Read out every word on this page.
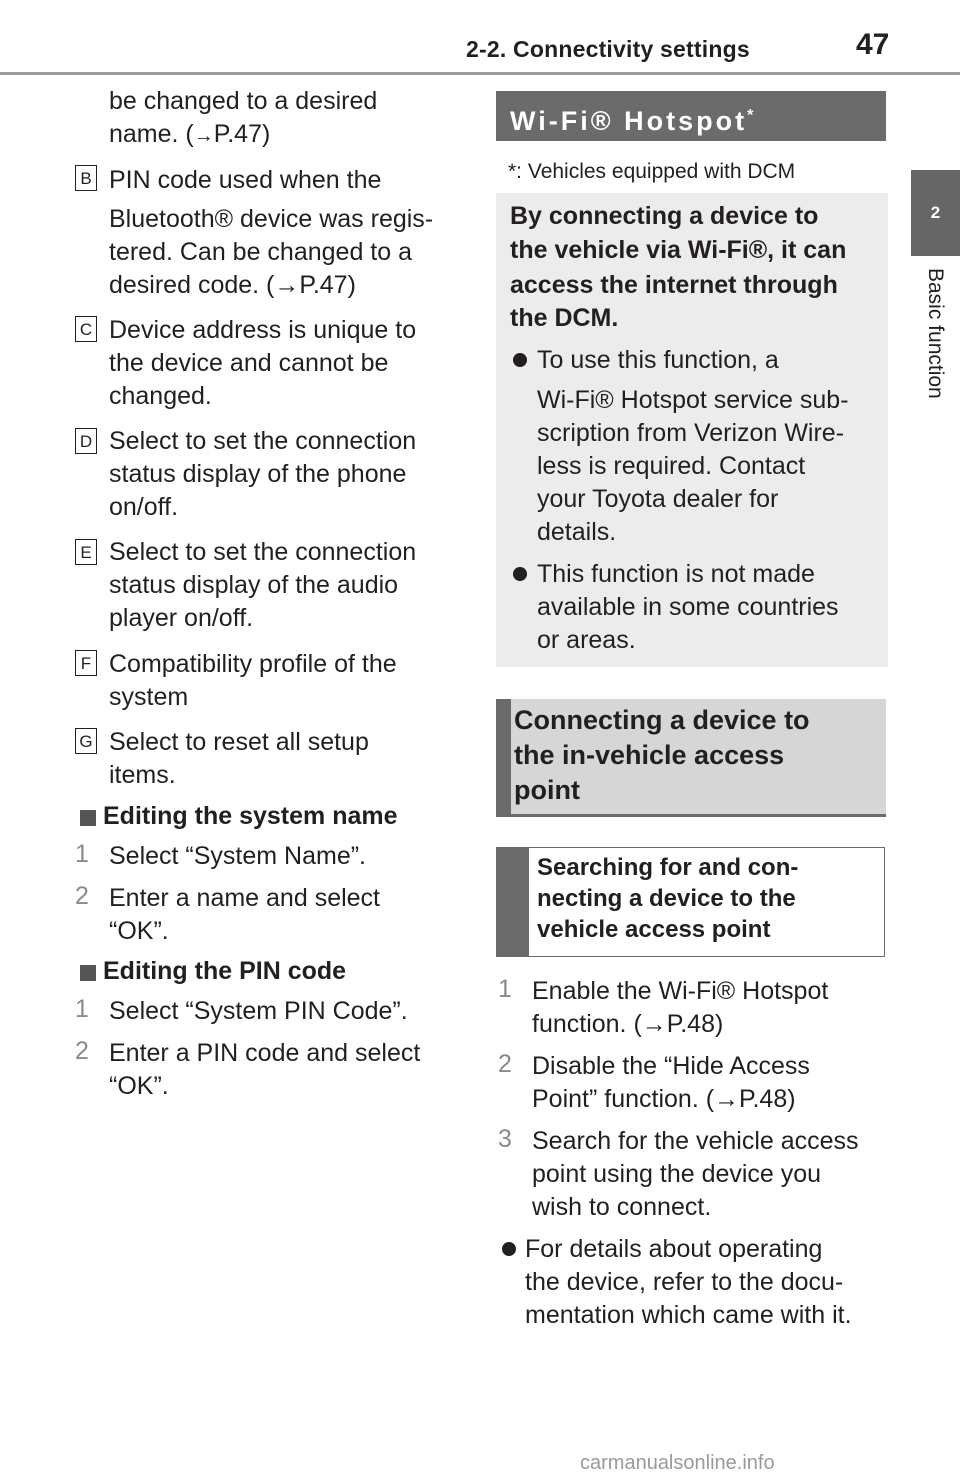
2-2. Connectivity settings	47
2
Basic function
be changed to a desired
name. (→P.47)
B PIN code used when the
Bluetooth® device was regis-
tered. Can be changed to a
desired code. (→P.47)
C Device address is unique to
the device and cannot be
changed.
D Select to set the connection
status display of the phone
on/off.
E Select to set the connection
status display of the audio
player on/off.
F Compatibility profile of the
system
G Select to reset all setup
items.
Editing the system name
1 Select “System Name”.
2 Enter a name and select
“OK”.
Editing the PIN code
1 Select “System PIN Code”.
2 Enter a PIN code and select
“OK”.
Wi-Fi® Hotspot*
*: Vehicles equipped with DCM
By connecting a device to
the vehicle via Wi-Fi®, it can
access the internet through
the DCM.
To use this function, a
Wi-Fi® Hotspot service sub-
scription from Verizon Wire-
less is required. Contact
your Toyota dealer for
details.
This function is not made
available in some countries
or areas.
Connecting a device to
the in-vehicle access
point
Searching for and con-
necting a device to the
vehicle access point
1 Enable the Wi-Fi® Hotspot
function. (→P.48)
2 Disable the “Hide Access
Point” function. (→P.48)
3 Search for the vehicle access
point using the device you
wish to connect.
For details about operating
the device, refer to the docu-
mentation which came with it.
carmanualsonline.info
